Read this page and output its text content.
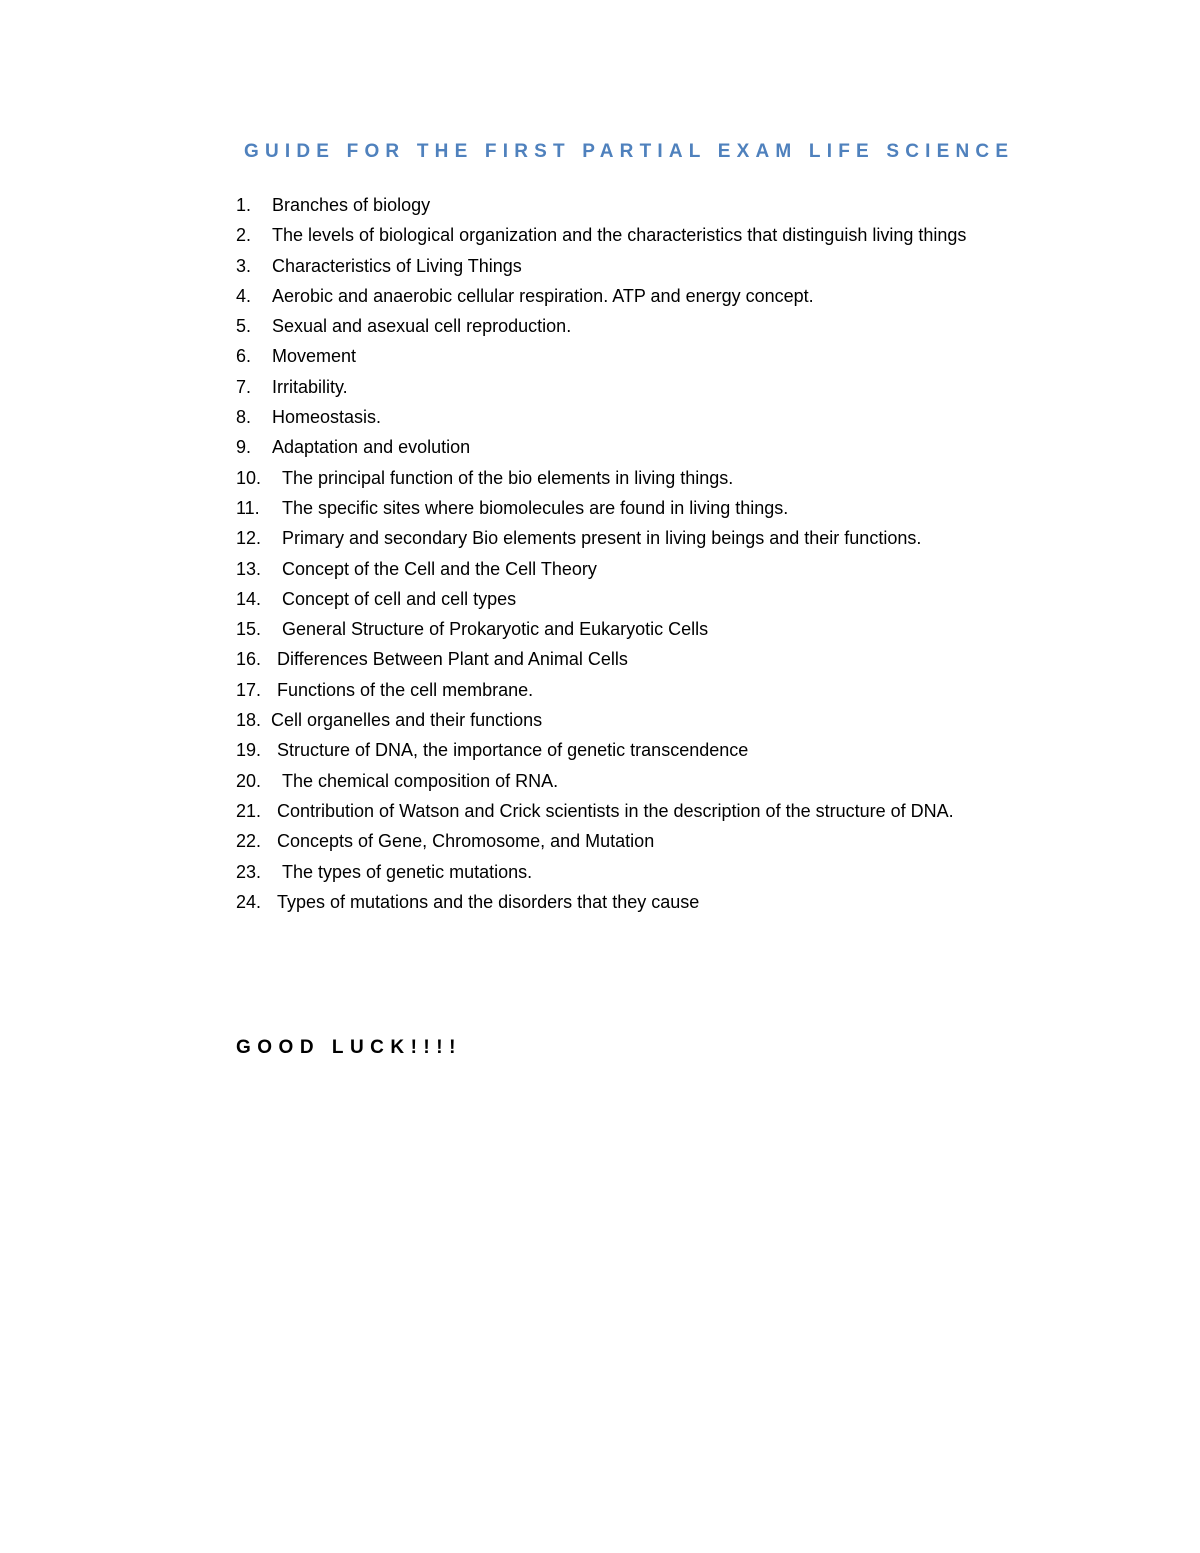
GUIDE FOR THE FIRST PARTIAL EXAM LIFE SCIENCE
1.	Branches of biology
2.	The levels of biological organization and the characteristics that distinguish living things
3.	Characteristics of Living Things
4.	Aerobic and anaerobic cellular respiration. ATP and energy concept.
5.	Sexual and asexual cell reproduction.
6.	Movement
7.	Irritability.
8.	Homeostasis.
9.	Adaptation and evolution
10.	The principal function of the bio elements in living things.
11.	The specific sites where biomolecules are found in living things.
12.	Primary and secondary Bio elements present in living beings and their functions.
13.	Concept of the Cell and the Cell Theory
14.	Concept of cell and cell types
15.	General Structure of Prokaryotic and Eukaryotic Cells
16. Differences Between Plant and Animal Cells
17. Functions of the cell membrane.
18. Cell organelles and their functions
19. Structure of DNA, the importance of genetic transcendence
20.	The chemical composition of RNA.
21. Contribution of Watson and Crick scientists in the description of the structure of DNA.
22. Concepts of Gene, Chromosome, and Mutation
23.	The types of genetic mutations.
24. Types of mutations and the disorders that they cause
GOOD LUCK!!!!
